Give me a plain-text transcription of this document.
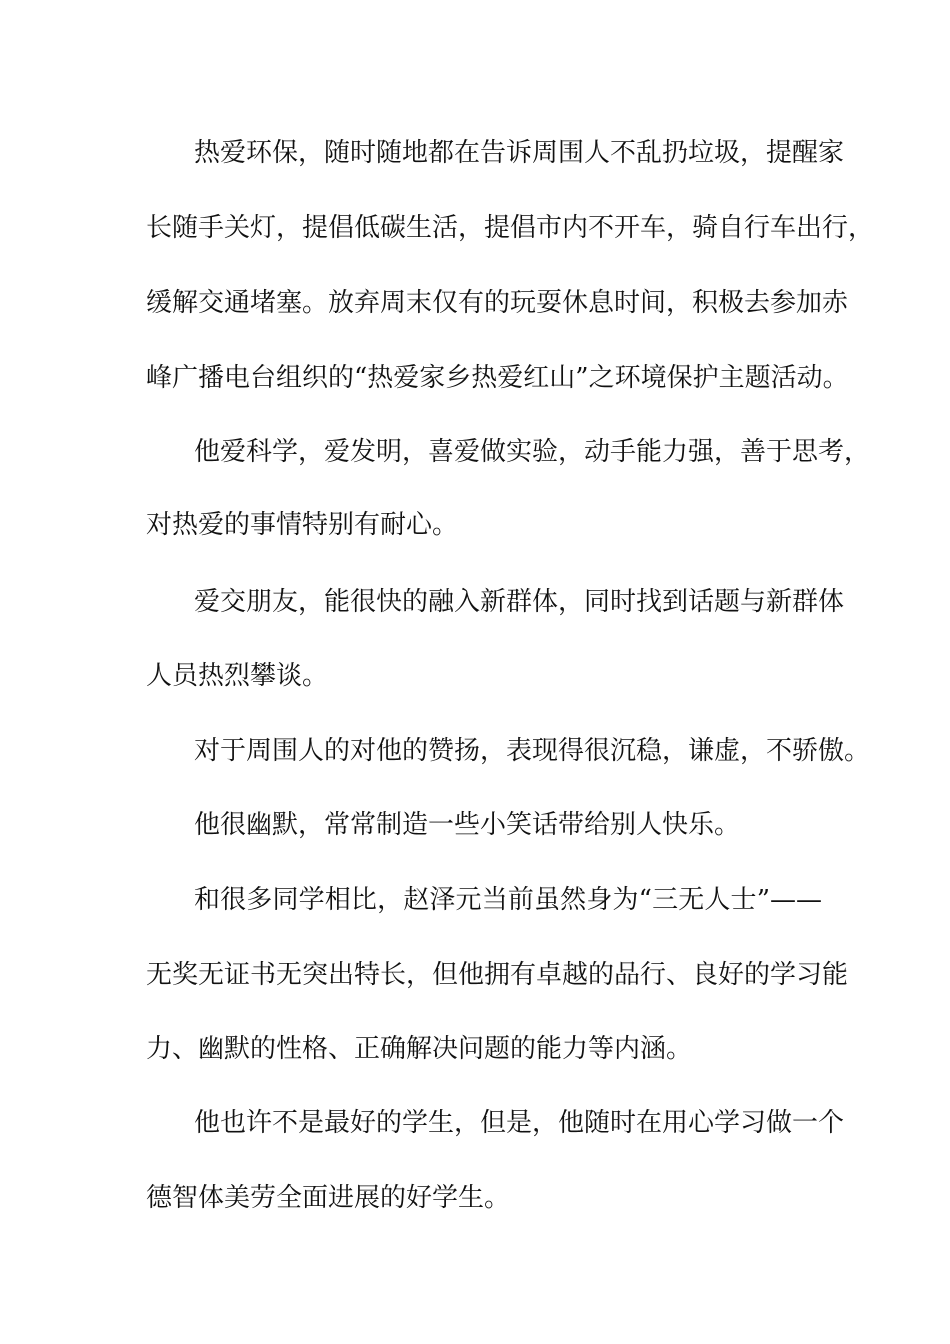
热爱环保，随时随地都在告诉周围人不乱扔垃圾，提醒家
长随手关灯，提倡低碳生活，提倡市内不开车，骑自行车出行，
缓解交通堵塞。放弃周末仅有的玩耍休息时间，积极去参加赤
峰广播电台组织的“热爱家乡热爱红山”之环境保护主题活动。
他爱科学，爱发明，喜爱做实验，动手能力强，善于思考，
对热爱的事情特别有耐心。
爱交朋友，能很快的融入新群体，同时找到话题与新群体
人员热烈攀谈。
对于周围人的对他的赞扬，表现得很沉稳，谦虚，不骄傲。
他很幽默，常常制造一些小笑话带给别人快乐。
和很多同学相比，赵泽元当前虽然身为“三无人士”——
无奖无证书无突出特长，但他拥有卓越的品行、良好的学习能
力、幽默的性格、正确解决问题的能力等内涵。
他也许不是最好的学生，但是，他随时在用心学习做一个
德智体美劳全面进展的好学生。
